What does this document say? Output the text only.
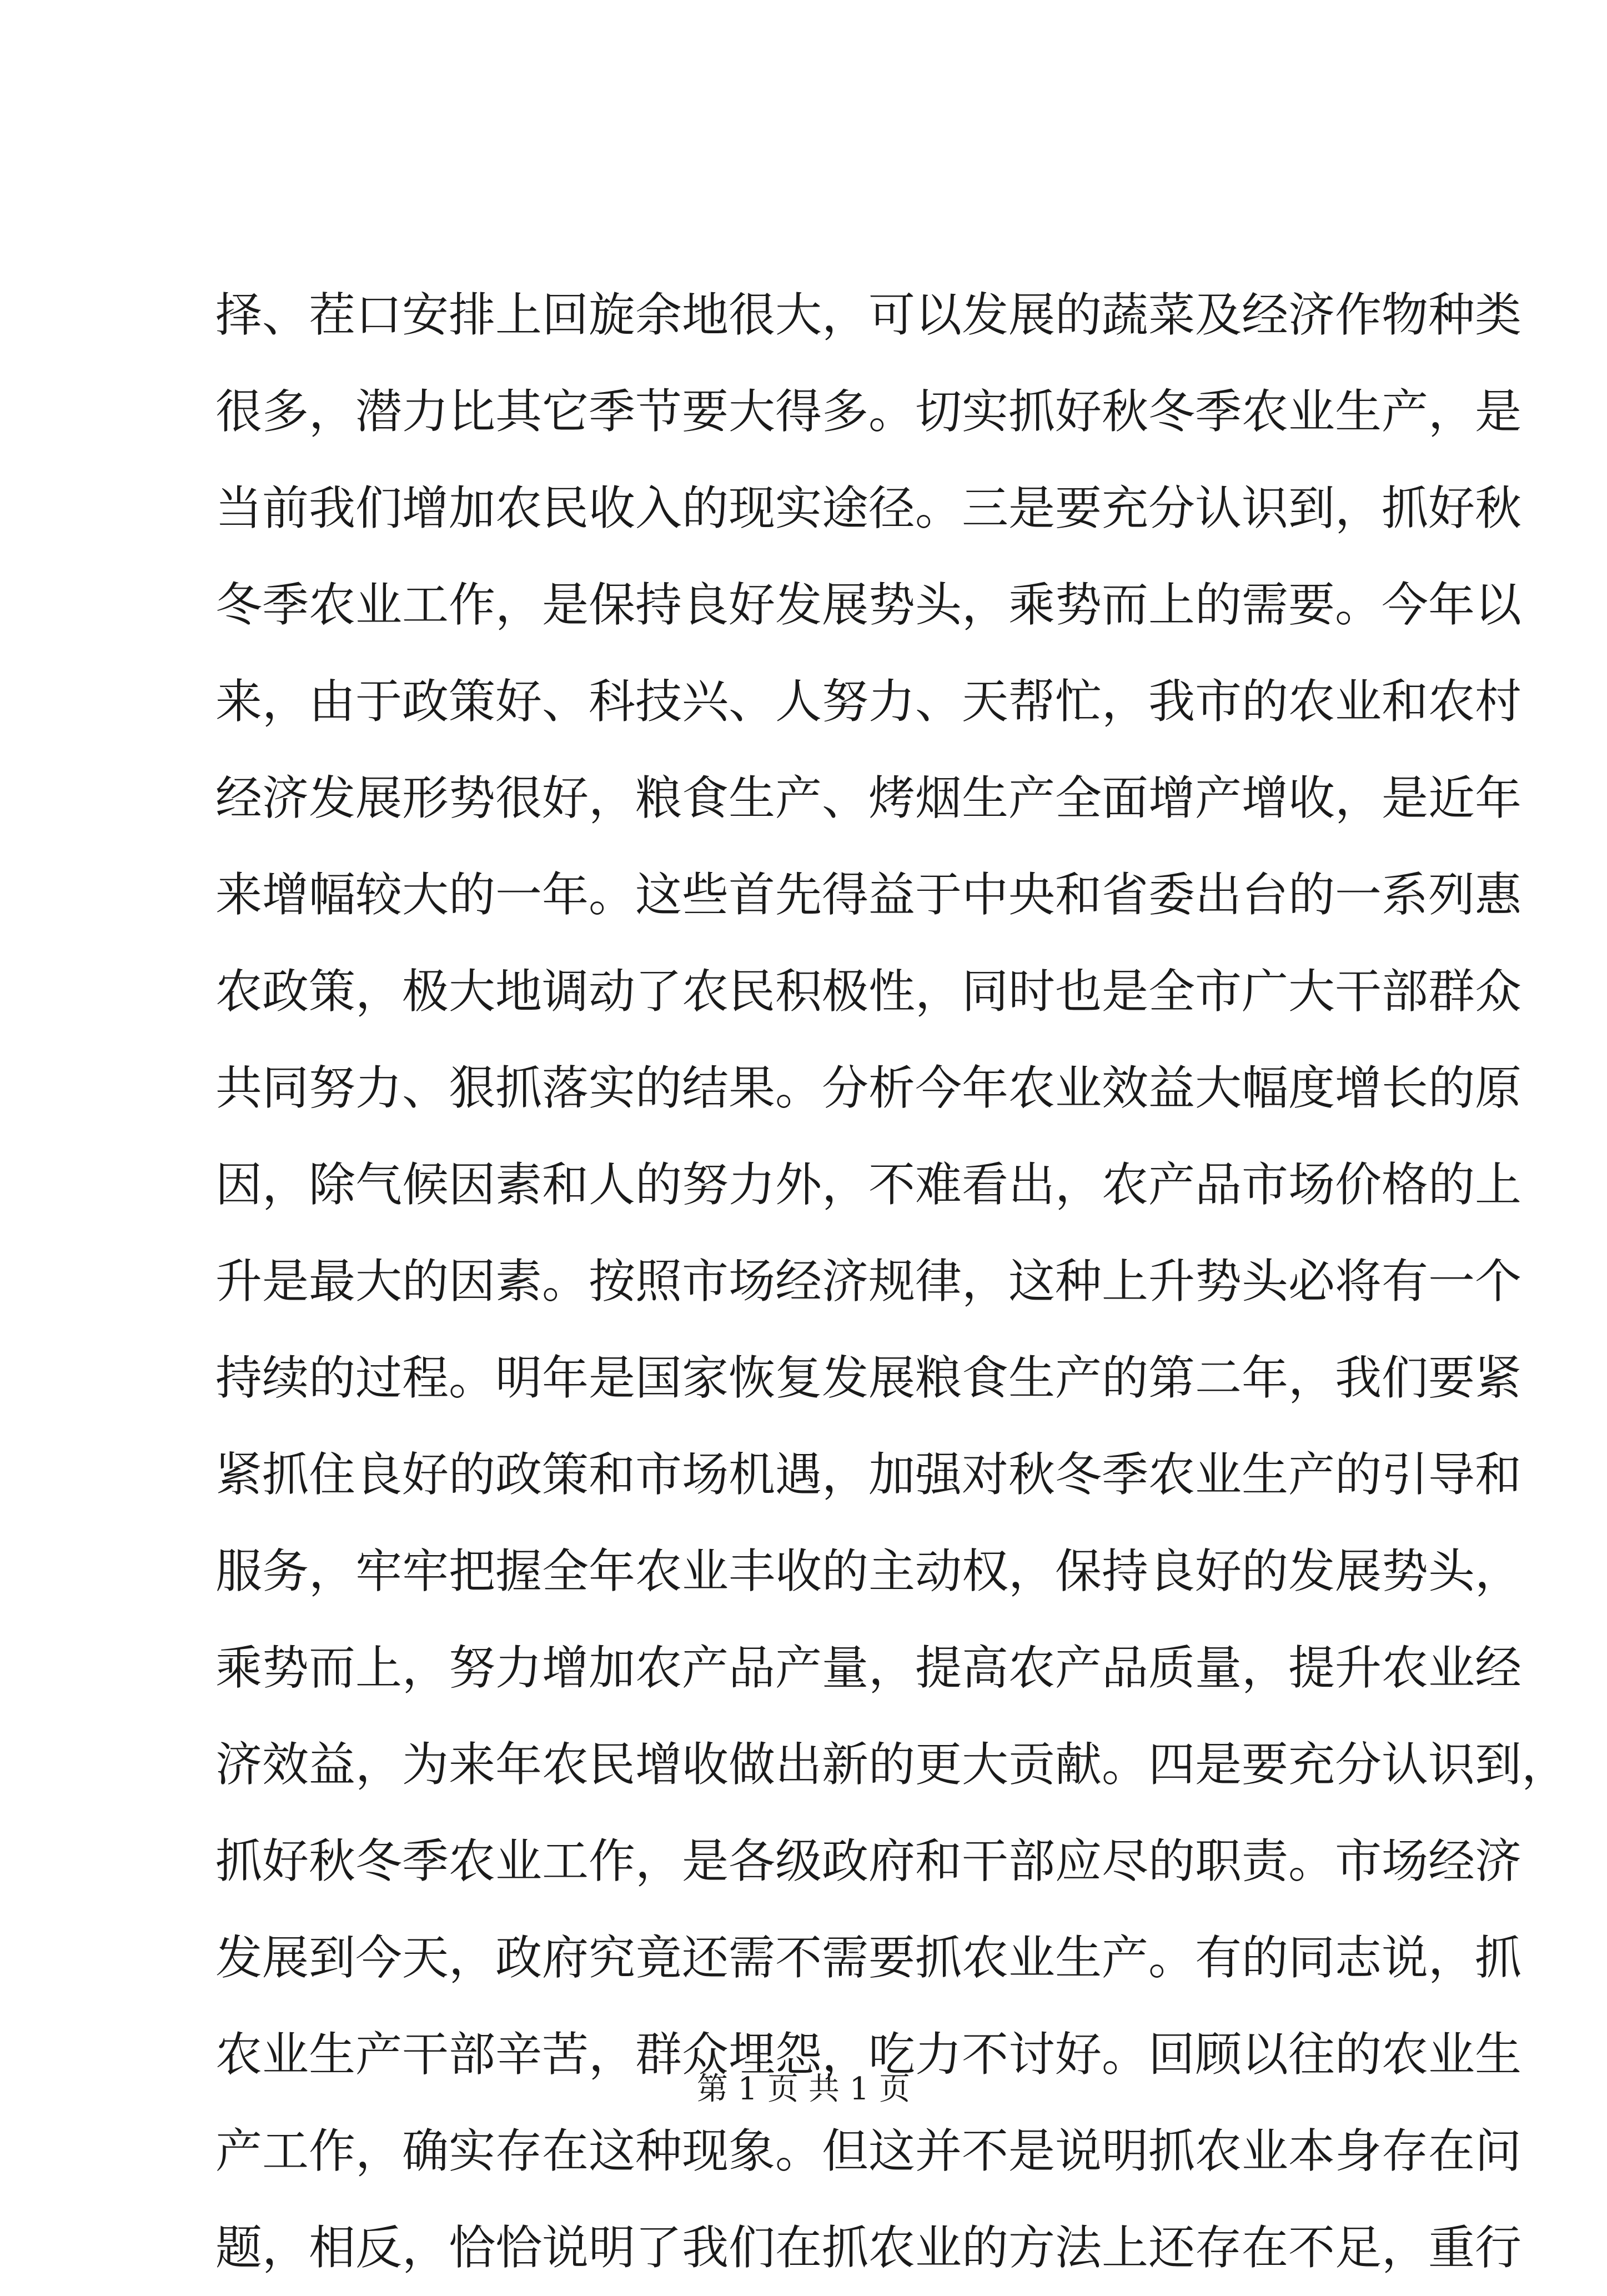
择、茬口安排上回旋余地很大，可以发展的蔬菜及经济作物种类
很多，潜力比其它季节要大得多。切实抓好秋冬季农业生产，是
当前我们增加农民收入的现实途径。三是要充分认识到，抓好秋
冬季农业工作，是保持良好发展势头，乘势而上的需要。今年以
来，由于政策好、科技兴、人努力、天帮忙，我市的农业和农村
经济发展形势很好，粮食生产、烤烟生产全面增产增收，是近年
来增幅较大的一年。这些首先得益于中央和省委出台的一系列惠
农政策，极大地调动了农民积极性，同时也是全市广大干部群众
共同努力、狠抓落实的结果。分析今年农业效益大幅度增长的原
因，除气候因素和人的努力外，不难看出，农产品市场价格的上
升是最大的因素。按照市场经济规律，这种上升势头必将有一个
持续的过程。明年是国家恢复发展粮食生产的第二年，我们要紧
紧抓住良好的政策和市场机遇，加强对秋冬季农业生产的引导和
服务，牢牢把握全年农业丰收的主动权，保持良好的发展势头，
乘势而上，努力增加农产品产量，提高农产品质量，提升农业经
济效益，为来年农民增收做出新的更大贡献。四是要充分认识到，
抓好秋冬季农业工作，是各级政府和干部应尽的职责。市场经济
发展到今天，政府究竟还需不需要抓农业生产。有的同志说，抓
农业生产干部辛苦，群众埋怨，吃力不讨好。回顾以往的农业生
产工作，确实存在这种现象。但这并不是说明抓农业本身存在问
题，相反，恰恰说明了我们在抓农业的方法上还存在不足，重行

第 1 页 共 1 页
